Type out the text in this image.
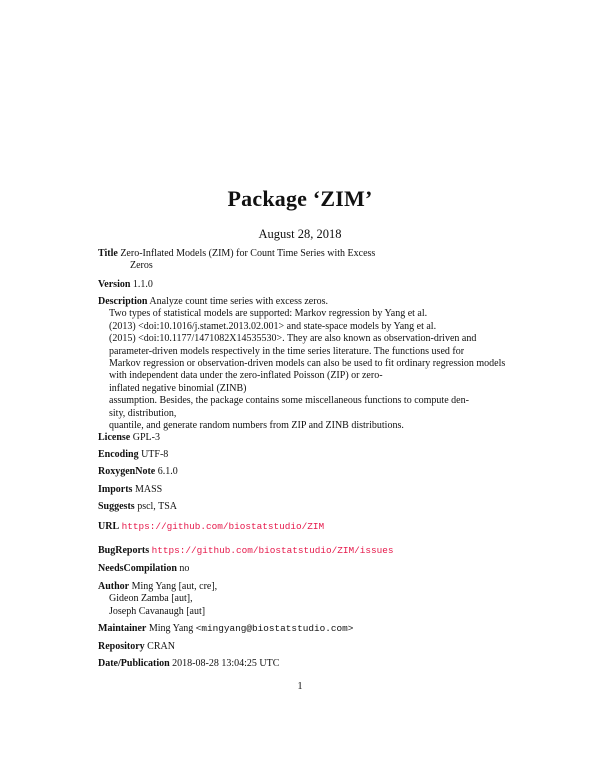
Package ‘ZIM’
August 28, 2018
Title Zero-Inflated Models (ZIM) for Count Time Series with Excess
Zeros
Version 1.1.0
Description Analyze count time series with excess zeros.
Two types of statistical models are supported: Markov regression by Yang et al.
(2013) <doi:10.1016/j.stamet.2013.02.001> and state-space models by Yang et al.
(2015) <doi:10.1177/1471082X14535530>. They are also known as observation-driven and
parameter-driven models respectively in the time series literature. The functions used for
Markov regression or observation-driven models can also be used to fit ordinary regression models
with independent data under the zero-inflated Poisson (ZIP) or zero-
inflated negative binomial (ZINB)
assumption. Besides, the package contains some miscellaneous functions to compute den-
sity, distribution,
quantile, and generate random numbers from ZIP and ZINB distributions.
License GPL-3
Encoding UTF-8
RoxygenNote 6.1.0
Imports MASS
Suggests pscl, TSA
URL https://github.com/biostatstudio/ZIM
BugReports https://github.com/biostatstudio/ZIM/issues
NeedsCompilation no
Author Ming Yang [aut, cre],
Gideon Zamba [aut],
Joseph Cavanaugh [aut]
Maintainer Ming Yang <mingyang@biostatstudio.com>
Repository CRAN
Date/Publication 2018-08-28 13:04:25 UTC
1
